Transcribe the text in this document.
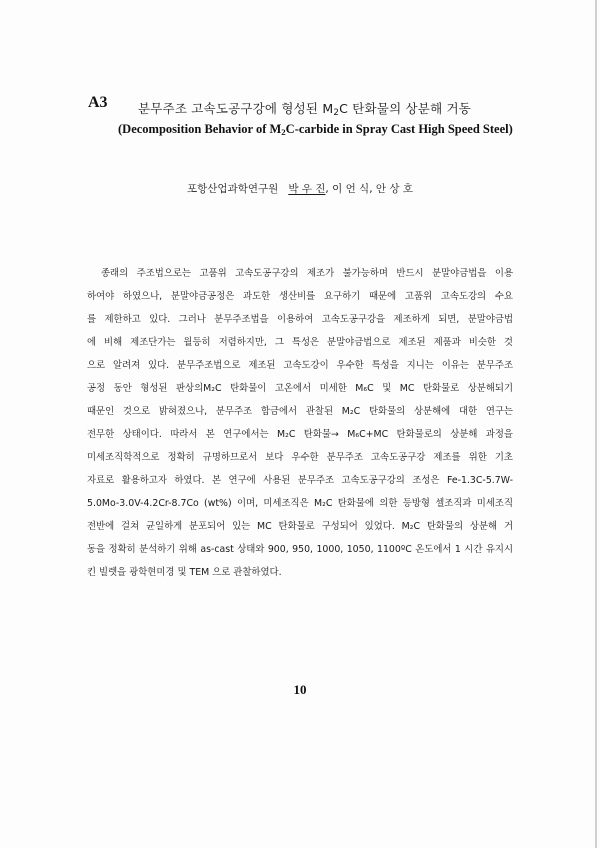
A3 분무주조 고속도공구강에 형성된 $M_2C$ 탄화물의 상분해 거동
(Decomposition Behavior of $M_2C$-carbide in Spray Cast High Speed Steel)
포항산업과학연구원 박 우 진, 이 언 식, 안 상 호
종래의 주조법으로는 고품위 고속도공구강의 제조가 불가능하며 반드시 분말야금법을 이용
하여야 하였으나, 분말야금공정은 과도한 생산비를 요구하기 때문에 고품위 고속도강의 수요
를 제한하고 있다. 그러나 분무주조법을 이용하여 고속도공구강을 제조하게 되면, 분말야금법
에 비해 제조단가는 월등히 저렴하지만, 그 특성은 분말야금법으로 제조된 제품과 비슷한 것
으로 알려져 있다. 분무주조법으로 제조된 고속도강이 우수한 특성을 지니는 이유는 분무주조
공정 동안 형성된 판상의M₂C 탄화물이 고온에서 미세한 M₆C 및 MC 탄화물로 상분해되기
때문인 것으로 밝혀졌으나, 분무주조 합금에서 관찰된 M₂C 탄화물의 상분해에 대한 연구는
전무한 상태이다. 따라서 본 연구에서는 M₂C 탄화물→ M₆C+MC 탄화물로의 상분해 과정을
미세조직학적으로 정확히 규명하므로서 보다 우수한 분무주조 고속도공구강 제조를 위한 기초
자료로 활용하고자 하였다. 본 연구에 사용된 분무주조 고속도공구강의 조성은 Fe-1.3C-5.7W-
5.0Mo-3.0V-4.2Cr-8.7Co (wt%) 이며, 미세조직은 M₂C 탄화물에 의한 등방형 셀조직과 미세조직
전반에 걸쳐 균일하게 분포되어 있는 MC 탄화물로 구성되어 있었다. M₂C 탄화물의 상분해 거
동을 정확히 분석하기 위해 as-cast 상태와 900, 950, 1000, 1050, 1100ºC 온도에서 1 시간 유지시
킨 빌렛을 광학현미경 및 TEM 으로 관찰하였다.
10
